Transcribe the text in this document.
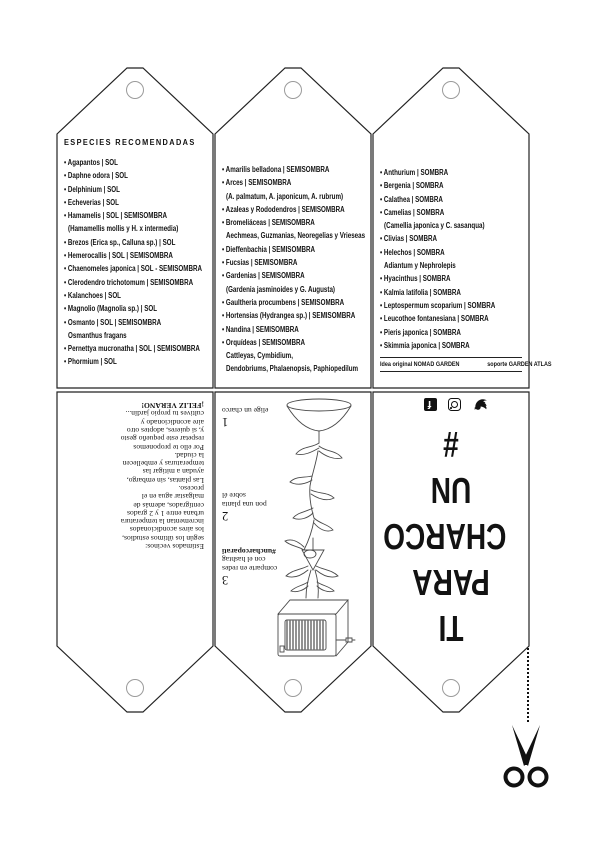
ESPECIES RECOMENDADAS
• Agapantos | SOL
• Daphne odora | SOL
• Delphinium | SOL
• Echeverias | SOL
• Hamamelis | SOL | SEMISOMBRA
(Hamamellis mollis y H. x intermedia)
• Brezos (Erica sp., Calluna sp.) | SOL
• Hemerocallis | SOL | SEMISOMBRA
• Chaenomeles japonica | SOL - SEMISOMBRA
• Clerodendro trichotomum | SEMISOMBRA
• Kalanchoes | SOL
• Magnolio (Magnolia sp.) | SOL
• Osmanto | SOL | SEMISOMBRA
Osmanthus fragans
• Pernettya mucronatha | SOL | SEMISOMBRA
• Phormium | SOL
• Amarilis belladona | SEMISOMBRA
• Arces | SEMISOMBRA
(A. palmatum, A. japonicum, A. rubrum)
• Azaleas y Rododendros | SEMISOMBRA
• Bromeliáceas | SEMISOMBRA
Aechmeas, Guzmanias, Neoregelias y Vrieseas
• Dieffenbachia | SEMISOMBRA
• Fucsias | SEMISOMBRA
• Gardenias | SEMISOMBRA
(Gardenia jasminoides y G. Augusta)
• Gaultheria procumbens | SEMISOMBRA
• Hortensias (Hydrangea sp.) | SEMISOMBRA
• Nandina | SEMISOMBRA
• Orquídeas | SEMISOMBRA
Cattleyas, Cymbidium,
Dendobriums, Phalaenopsis, Paphiopedilum
• Anthurium | SOMBRA
• Bergenia | SOMBRA
• Calathea | SOMBRA
• Camelias | SOMBRA
(Camellia japonica y C. sasanqua)
• Clivias | SOMBRA
• Helechos | SOMBRA
Adiantum y Nephrolepis
• Hyacinthus | SOMBRA
• Kalmia latifolia | SOMBRA
• Leptospermum scoparium | SOMBRA
• Leucothoe fontanesiana | SOMBRA
• Pieris japonica | SOMBRA
• Skimmia japonica | SOMBRA
Idea original NOMAD GARDEN	soporte GARDEN ATLAS
Estimados vecinos:
según los últimos estudios,
los aires acondicionados
incrementan la temperatura
urbana entre 1 y 2 grados
centígrados, además de
malgastar agua en el
proceso.
Las plantas, sin embargo,
ayudan a mitigar las
temperaturas y embellecen
la ciudad.
Por ello te proponemos
respetar este pequeño gesto
y, si quieres, adoptes otro
aire acondicionado y
cultives tu propio jardín...
¡FELIZ VERANO!
1
elige un charco
2
pon una planta
sobre él
3
comparte en redes
con el hashtag
#uncharcoparati
#
UN
CHARCO
PARA
TI
f
